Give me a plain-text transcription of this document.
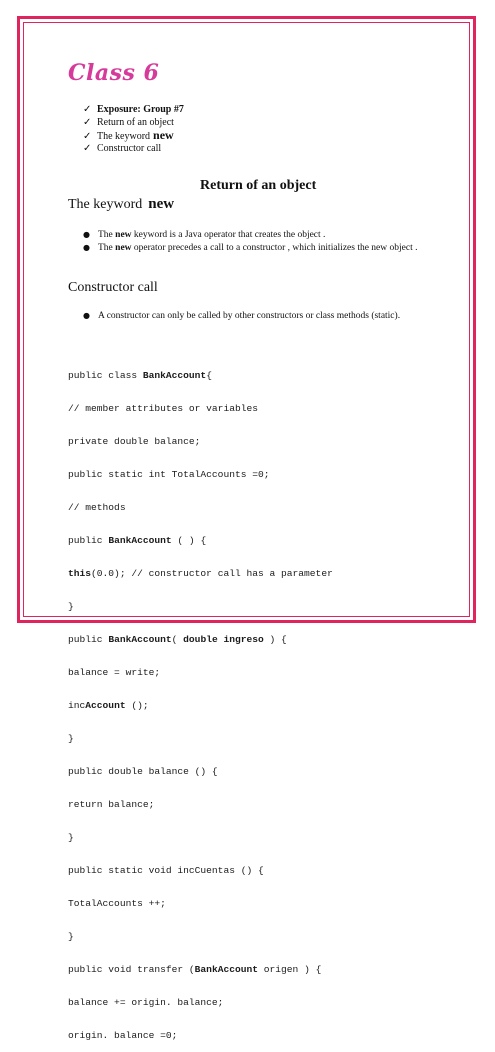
Class 6
✓ Exposure: Group #7
✓ Return of an object
✓ The keyword new
✓ Constructor call
Return of an object
The keyword new
● The new keyword is a Java operator that creates the object .
● The new operator precedes a call to a constructor , which initializes the new object .
Constructor call
● A constructor can only be called by other constructors or class methods (static).

public class BankAccount{

// member attributes or variables

private double balance;

public static int TotalAccounts =0;

// methods

public BankAccount ( ) {

this(0.0); // constructor call has a parameter

}

public BankAccount( double ingreso ) {

balance = write;

incAccount ();

}

public double balance () {

return balance;

}

public static void incCuentas () {

TotalAccounts ++;

}

public void transfer (BankAccount origen ) {

balance += origin. balance;

origin. balance =0;
